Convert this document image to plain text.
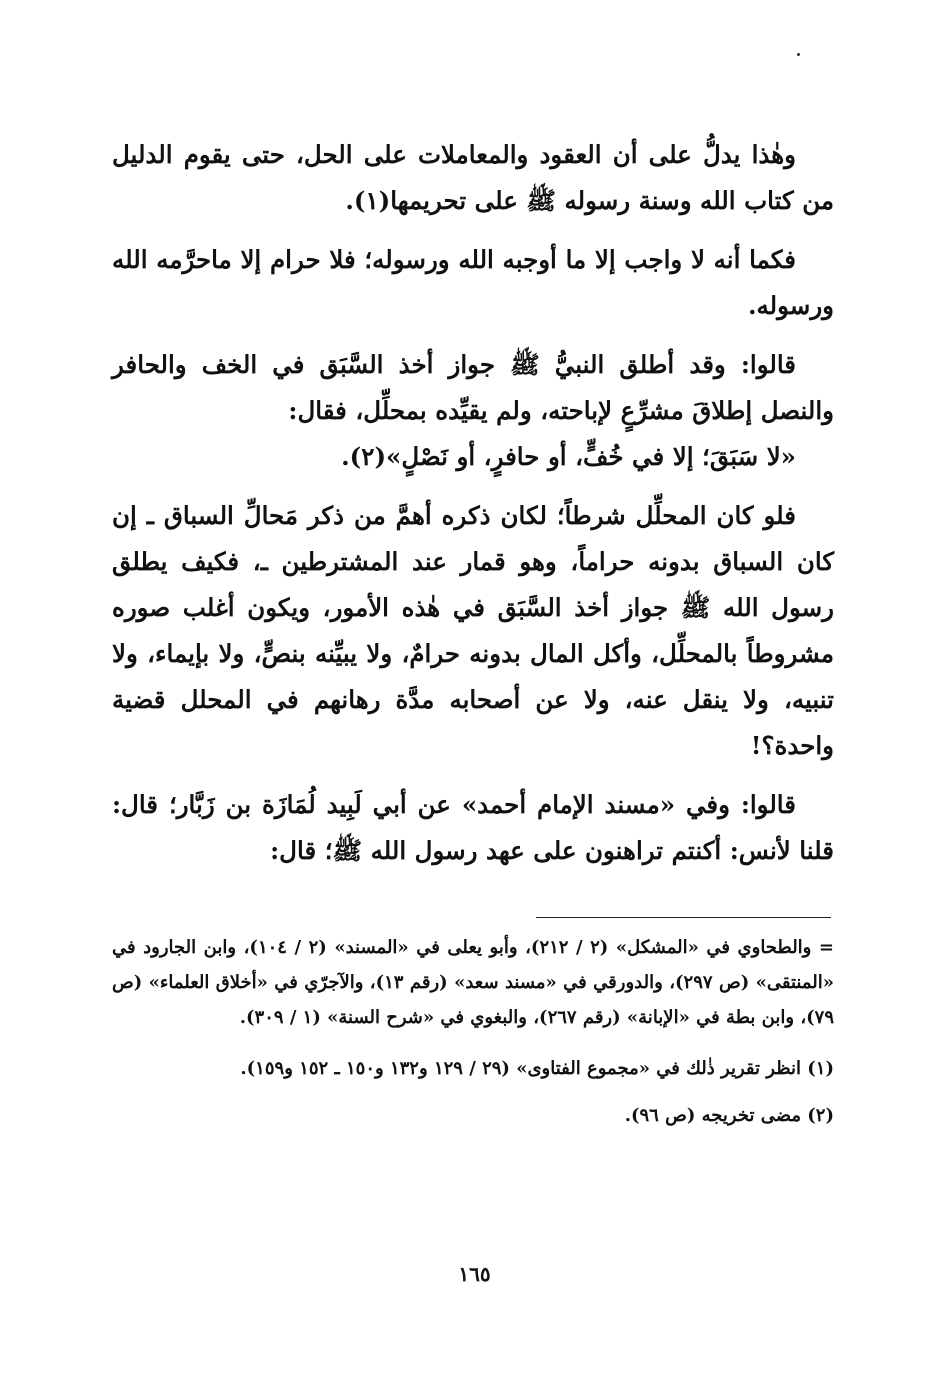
وهٰذا يدلُّ على أن العقود والمعاملات على الحل، حتى يقوم الدليل من كتاب الله وسنة رسوله ﷺ على تحريمها(١).

فكما أنه لا واجب إلا ما أوجبه الله ورسوله؛ فلا حرام إلا ماحرَّمه الله ورسوله.

قالوا: وقد أطلق النبيُّ ﷺ جواز أخذ السَّبَق في الخف والحافر والنصل إطلاقَ مشرِّعٍ لإباحته، ولم يقيِّده بمحلِّل، فقال:

«لا سَبَقَ؛ إلا في خُفٍّ، أو حافرٍ، أو نَصْلٍ»(٢).

فلو كان المحلِّل شرطاً؛ لكان ذكره أهمَّ من ذكر مَحالِّ السباق ـ إن كان السباق بدونه حراماً، وهو قمار عند المشترطين ـ، فكيف يطلق رسول الله ﷺ جواز أخذ السَّبَق في هٰذه الأمور، ويكون أغلب صوره مشروطاً بالمحلِّل، وأكل المال بدونه حرامٌ، ولا يبيِّنه بنصٍّ، ولا بإيماء، ولا تنبيه، ولا ينقل عنه، ولا عن أصحابه مدَّة رهانهم في المحلل قضية واحدة؟!

قالوا: وفي «مسند الإمام أحمد» عن أبي لَبِيد لُمَازَة بن زَبَّار؛ قال: قلنا لأنس: أكنتم تراهنون على عهد رسول الله ﷺ؛ قال:

= والطحاوي في «المشكل» (٢ / ٢١٢)، وأبو يعلى في «المسند» (٢ / ١٠٤)، وابن الجارود في «المنتقى» (ص ٢٩٧)، والدورقي في «مسند سعد» (رقم ١٣)، والآجرّي في «أخلاق العلماء» (ص ٧٩)، وابن بطة في «الإبانة» (رقم ٢٦٧)، والبغوي في «شرح السنة» (١ / ٣٠٩).

(١) انظر تقرير ذٰلك في «مجموع الفتاوى» (٢٩ / ١٢٩ و١٣٢ و١٥٠ ـ ١٥٢ و١٥٩).

(٢) مضى تخريجه (ص ٩٦).

١٦٥
